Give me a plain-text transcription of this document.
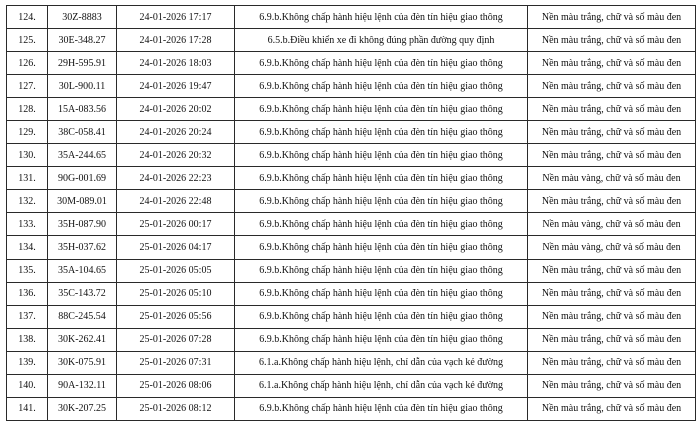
124.	30Z-8883	24-01-2026 17:17	6.9.b.Không chấp hành hiệu lệnh của đèn tín hiệu giao thông	Nền màu trắng, chữ và số màu đen
125.	30E-348.27	24-01-2026 17:28	6.5.b.Điều khiển xe đi không đúng phần đường quy định	Nền màu trắng, chữ và số màu đen
126.	29H-595.91	24-01-2026 18:03	6.9.b.Không chấp hành hiệu lệnh của đèn tín hiệu giao thông	Nền màu trắng, chữ và số màu đen
127.	30L-900.11	24-01-2026 19:47	6.9.b.Không chấp hành hiệu lệnh của đèn tín hiệu giao thông	Nền màu trắng, chữ và số màu đen
128.	15A-083.56	24-01-2026 20:02	6.9.b.Không chấp hành hiệu lệnh của đèn tín hiệu giao thông	Nền màu trắng, chữ và số màu đen
129.	38C-058.41	24-01-2026 20:24	6.9.b.Không chấp hành hiệu lệnh của đèn tín hiệu giao thông	Nền màu trắng, chữ và số màu đen
130.	35A-244.65	24-01-2026 20:32	6.9.b.Không chấp hành hiệu lệnh của đèn tín hiệu giao thông	Nền màu trắng, chữ và số màu đen
131.	90G-001.69	24-01-2026 22:23	6.9.b.Không chấp hành hiệu lệnh của đèn tín hiệu giao thông	Nền màu vàng, chữ và số màu đen
132.	30M-089.01	24-01-2026 22:48	6.9.b.Không chấp hành hiệu lệnh của đèn tín hiệu giao thông	Nền màu trắng, chữ và số màu đen
133.	35H-087.90	25-01-2026 00:17	6.9.b.Không chấp hành hiệu lệnh của đèn tín hiệu giao thông	Nền màu vàng, chữ và số màu đen
134.	35H-037.62	25-01-2026 04:17	6.9.b.Không chấp hành hiệu lệnh của đèn tín hiệu giao thông	Nền màu vàng, chữ và số màu đen
135.	35A-104.65	25-01-2026 05:05	6.9.b.Không chấp hành hiệu lệnh của đèn tín hiệu giao thông	Nền màu trắng, chữ và số màu đen
136.	35C-143.72	25-01-2026 05:10	6.9.b.Không chấp hành hiệu lệnh của đèn tín hiệu giao thông	Nền màu trắng, chữ và số màu đen
137.	88C-245.54	25-01-2026 05:56	6.9.b.Không chấp hành hiệu lệnh của đèn tín hiệu giao thông	Nền màu trắng, chữ và số màu đen
138.	30K-262.41	25-01-2026 07:28	6.9.b.Không chấp hành hiệu lệnh của đèn tín hiệu giao thông	Nền màu trắng, chữ và số màu đen
139.	30K-075.91	25-01-2026 07:31	6.1.a.Không chấp hành hiệu lệnh, chỉ dẫn của vạch kẻ đường	Nền màu trắng, chữ và số màu đen
140.	90A-132.11	25-01-2026 08:06	6.1.a.Không chấp hành hiệu lệnh, chỉ dẫn của vạch kẻ đường	Nền màu trắng, chữ và số màu đen
141.	30K-207.25	25-01-2026 08:12	6.9.b.Không chấp hành hiệu lệnh của đèn tín hiệu giao thông	Nền màu trắng, chữ và số màu đen
